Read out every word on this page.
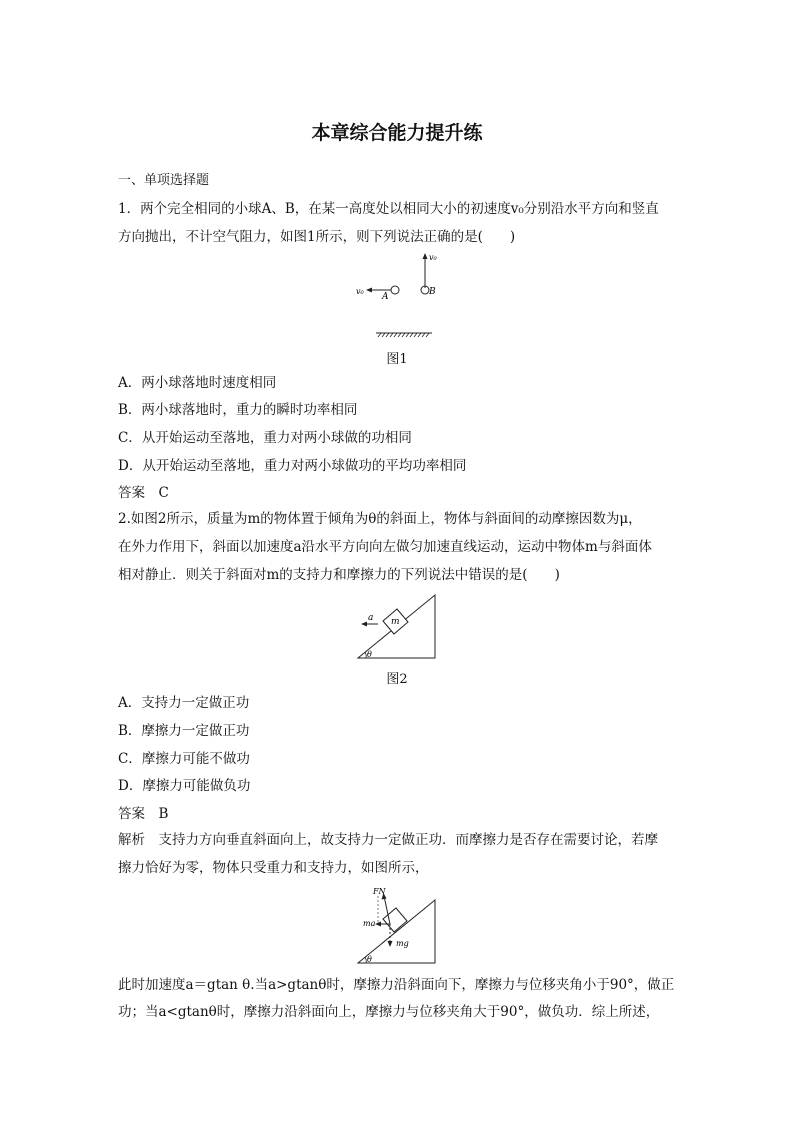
本章综合能力提升练
一、单项选择题
1．两个完全相同的小球A、B，在某一高度处以相同大小的初速度v₀分别沿水平方向和竖直
方向抛出，不计空气阻力，如图1所示，则下列说法正确的是(　　)
v₀
B
v₀
A
图1
A．两小球落地时速度相同
B．两小球落地时，重力的瞬时功率相同
C．从开始运动至落地，重力对两小球做的功相同
D．从开始运动至落地，重力对两小球做功的平均功率相同
答案　C
2.如图2所示，质量为m的物体置于倾角为θ的斜面上，物体与斜面间的动摩擦因数为μ，
在外力作用下，斜面以加速度a沿水平方向向左做匀加速直线运动，运动中物体m与斜面体
相对静止．则关于斜面对m的支持力和摩擦力的下列说法中错误的是(　　)
m
a
θ
图2
A．支持力一定做正功
B．摩擦力一定做正功
C．摩擦力可能不做功
D．摩擦力可能做负功
答案　B
解析　支持力方向垂直斜面向上，故支持力一定做正功．而摩擦力是否存在需要讨论，若摩
擦力恰好为零，物体只受重力和支持力，如图所示，
FN
ma
mg
θ
此时加速度a＝gtan θ.当a>gtanθ时，摩擦力沿斜面向下，摩擦力与位移夹角小于90°，做正
功；当a<gtanθ时，摩擦力沿斜面向上，摩擦力与位移夹角大于90°，做负功．综上所述，
